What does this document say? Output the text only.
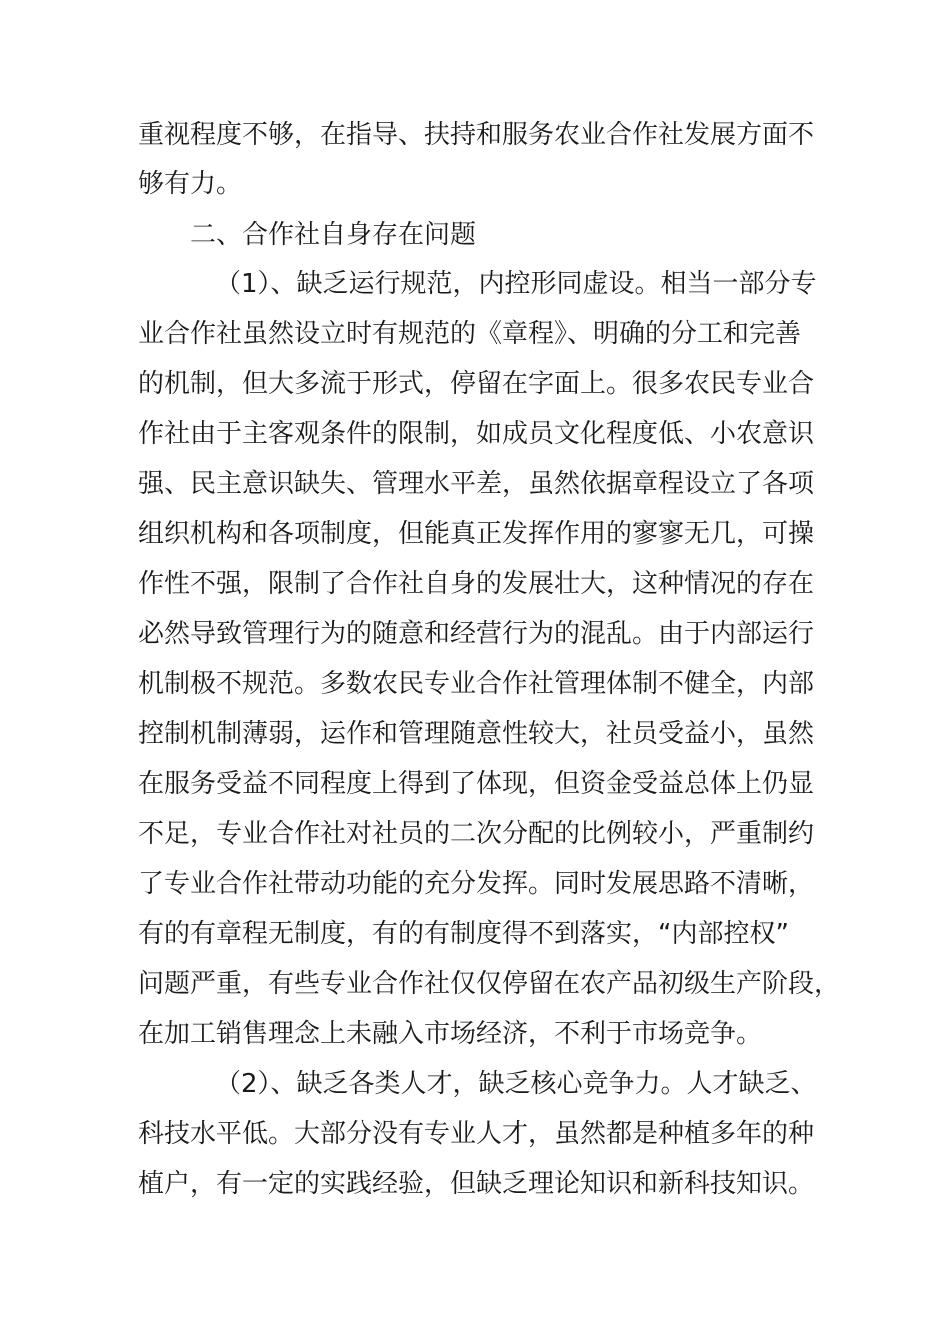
重视程度不够，在指导、扶持和服务农业合作社发展方面不
够有力。
二、合作社自身存在问题
（1）、缺乏运行规范，内控形同虚设。相当一部分专
业合作社虽然设立时有规范的《章程》、明确的分工和完善
的机制，但大多流于形式，停留在字面上。很多农民专业合
作社由于主客观条件的限制，如成员文化程度低、小农意识
强、民主意识缺失、管理水平差，虽然依据章程设立了各项
组织机构和各项制度，但能真正发挥作用的寥寥无几，可操
作性不强，限制了合作社自身的发展壮大，这种情况的存在
必然导致管理行为的随意和经营行为的混乱。由于内部运行
机制极不规范。多数农民专业合作社管理体制不健全，内部
控制机制薄弱，运作和管理随意性较大，社员受益小，虽然
在服务受益不同程度上得到了体现，但资金受益总体上仍显
不足，专业合作社对社员的二次分配的比例较小，严重制约
了专业合作社带动功能的充分发挥。同时发展思路不清晰，
有的有章程无制度，有的有制度得不到落实，“内部控权”
问题严重，有些专业合作社仅仅停留在农产品初级生产阶段，
在加工销售理念上未融入市场经济，不利于市场竞争。
（2）、缺乏各类人才，缺乏核心竞争力。人才缺乏、
科技水平低。大部分没有专业人才，虽然都是种植多年的种
植户，有一定的实践经验，但缺乏理论知识和新科技知识。
